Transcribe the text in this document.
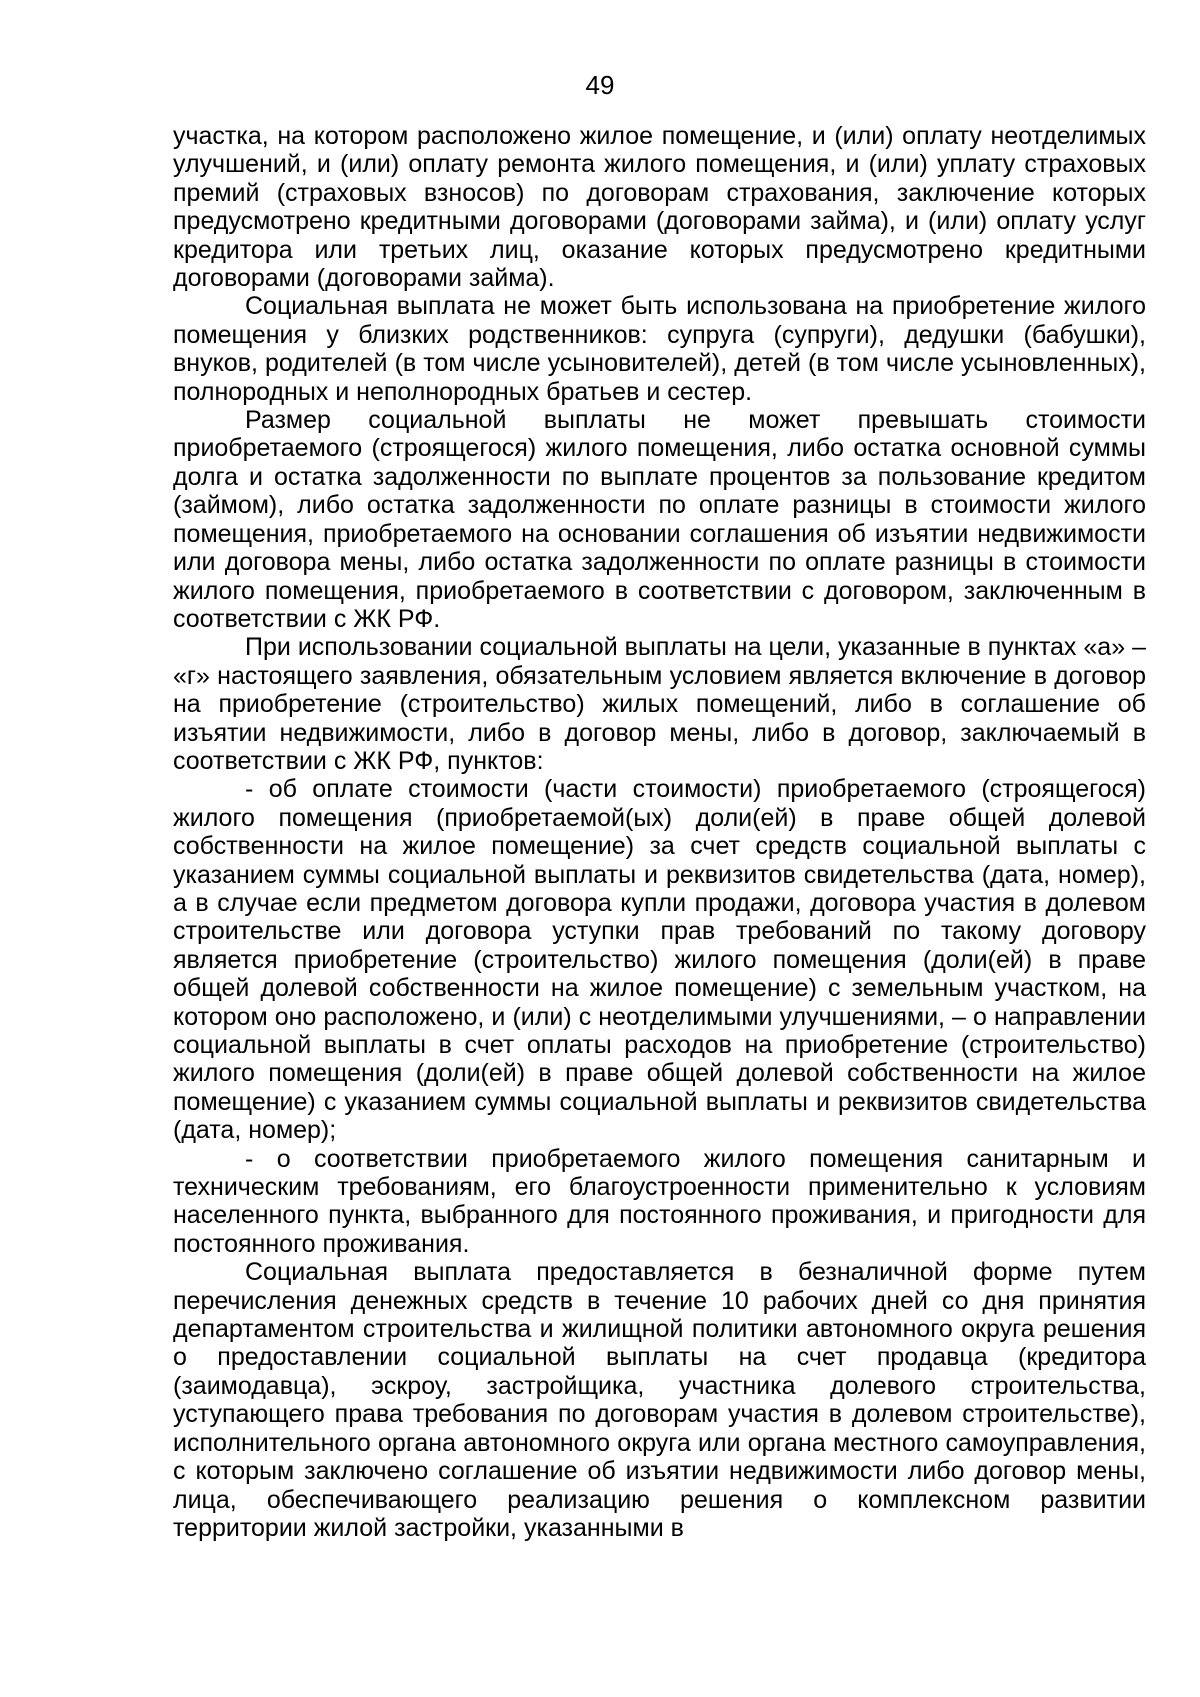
49

участка, на котором расположено жилое помещение, и (или) оплату неотделимых улучшений, и (или) оплату ремонта жилого помещения, и (или) уплату страховых премий (страховых взносов) по договорам страхования, заключение которых предусмотрено кредитными договорами (договорами займа), и (или) оплату услуг кредитора или третьих лиц, оказание которых предусмотрено кредитными договорами (договорами займа).

Социальная выплата не может быть использована на приобретение жилого помещения у близких родственников: супруга (супруги), дедушки (бабушки), внуков, родителей (в том числе усыновителей), детей (в том числе усыновленных), полнородных и неполнородных братьев и сестер.

Размер социальной выплаты не может превышать стоимости приобретаемого (строящегося) жилого помещения, либо остатка основной суммы долга и остатка задолженности по выплате процентов за пользование кредитом (займом), либо остатка задолженности по оплате разницы в стоимости жилого помещения, приобретаемого на основании соглашения об изъятии недвижимости или договора мены, либо остатка задолженности по оплате разницы в стоимости жилого помещения, приобретаемого в соответствии с договором, заключенным в соответствии с ЖК РФ.

При использовании социальной выплаты на цели, указанные в пунктах «а» – «г» настоящего заявления, обязательным условием является включение в договор на приобретение (строительство) жилых помещений, либо в соглашение об изъятии недвижимости, либо в договор мены, либо в договор, заключаемый в соответствии с ЖК РФ, пунктов:

- об оплате стоимости (части стоимости) приобретаемого (строящегося) жилого помещения (приобретаемой(ых) доли(ей) в праве общей долевой собственности на жилое помещение) за счет средств социальной выплаты с указанием суммы социальной выплаты и реквизитов свидетельства (дата, номер), а в случае если предметом договора купли продажи, договора участия в долевом строительстве или договора уступки прав требований по такому договору является приобретение (строительство) жилого помещения (доли(ей) в праве общей долевой собственности на жилое помещение) с земельным участком, на котором оно расположено, и (или) с неотделимыми улучшениями, – о направлении социальной выплаты в счет оплаты расходов на приобретение (строительство) жилого помещения (доли(ей) в праве общей долевой собственности на жилое помещение) с указанием суммы социальной выплаты и реквизитов свидетельства (дата, номер);

- о соответствии приобретаемого жилого помещения санитарным и техническим требованиям, его благоустроенности применительно к условиям населенного пункта, выбранного для постоянного проживания, и пригодности для постоянного проживания.

Социальная выплата предоставляется в безналичной форме путем перечисления денежных средств в течение 10 рабочих дней со дня принятия департаментом строительства и жилищной политики автономного округа решения о предоставлении социальной выплаты на счет продавца (кредитора (заимодавца), эскроу, застройщика, участника долевого строительства, уступающего права требования по договорам участия в долевом строительстве), исполнительного органа автономного округа или органа местного самоуправления, с которым заключено соглашение об изъятии недвижимости либо договор мены, лица, обеспечивающего реализацию решения о комплексном развитии территории жилой застройки, указанными в
